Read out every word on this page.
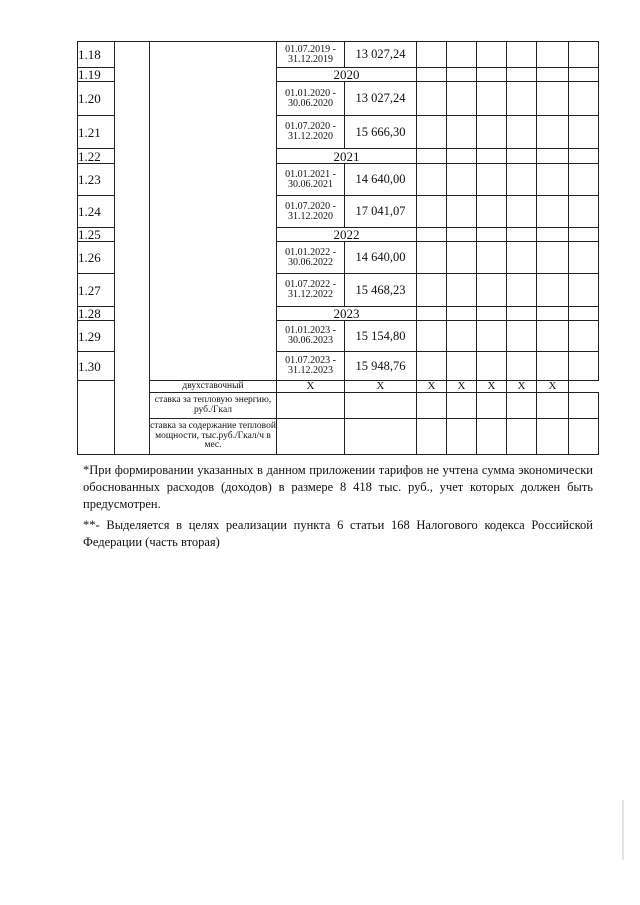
1.18			01.07.2019 -
31.12.2019	13 027,24						
1.19			2020							
1.20			01.01.2020 -
30.06.2020	13 027,24						
1.21			01.07.2020 -
31.12.2020	15 666,30						
1.22			2021							
1.23			01.01.2021 -
30.06.2021	14 640,00						
1.24			01.07.2020 -
31.12.2020	17 041,07						
1.25			2022							
1.26			01.01.2022 -
30.06.2022	14 640,00						
1.27			01.07.2022 -
31.12.2022	15 468,23						
1.28			2023							
1.29			01.01.2023 -
30.06.2023	15 154,80						
1.30			01.07.2023 -
31.12.2023	15 948,76						
		двухставочный	X	X	X	X	X	X	X	
		ставка за тепловую энергию, руб./Гкал								
		ставка за содержание тепловой мощности, тыс.руб./Гкал/ч в мес.								
*При формировании указанных в данном приложении тарифов не учтена сумма экономически обоснованных расходов (доходов) в размере 8 418 тыс. руб., учет которых должен быть предусмотрен.
**- Выделяется в целях реализации пункта 6 статьи 168 Налогового кодекса Российской Федерации (часть вторая)
